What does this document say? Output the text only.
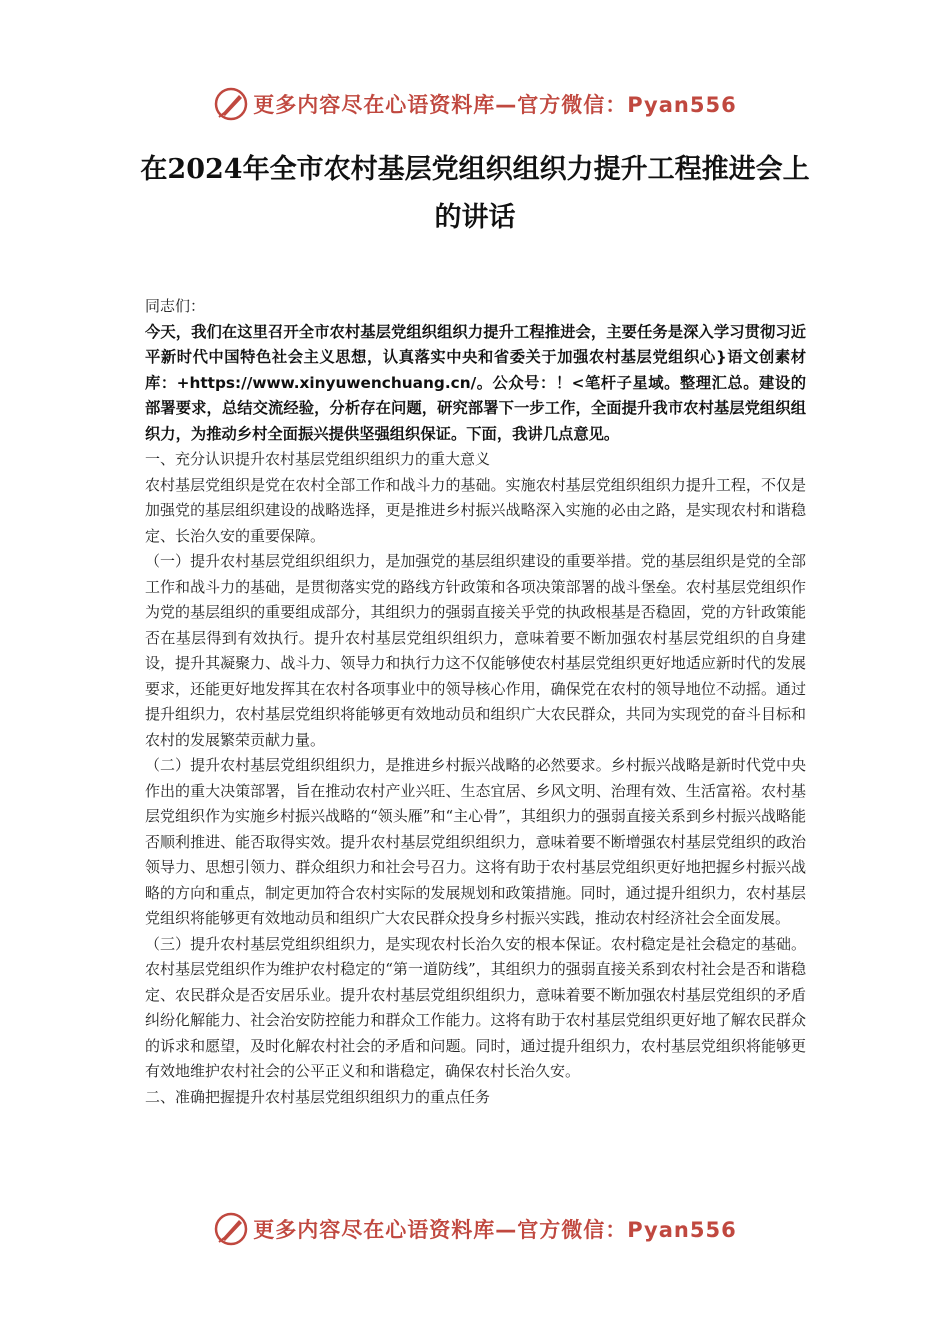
更多内容尽在心语资料库—官方微信：Pyan556
在2024年全市农村基层党组织组织力提升工程推进会上的讲话

同志们：

今天，我们在这里召开全市农村基层党组织组织力提升工程推进会，主要任务是深入学习贯彻习近平新时代中国特色社会主义思想，认真落实中央和省委关于加强农村基层党组织心}语文创素材库：+https://www.xinyuwenchuang.cn/。公众号：！<笔杆子星域。整理汇总。建设的部署要求，总结交流经验，分析存在问题，研究部署下一步工作，全面提升我市农村基层党组织组织力，为推动乡村全面振兴提供坚强组织保证。下面，我讲几点意见。

一、充分认识提升农村基层党组织组织力的重大意义

农村基层党组织是党在农村全部工作和战斗力的基础。实施农村基层党组织组织力提升工程，不仅是加强党的基层组织建设的战略选择，更是推进乡村振兴战略深入实施的必由之路，是实现农村和谐稳定、长治久安的重要保障。

（一）提升农村基层党组织组织力，是加强党的基层组织建设的重要举措。党的基层组织是党的全部工作和战斗力的基础，是贯彻落实党的路线方针政策和各项决策部署的战斗堡垒。农村基层党组织作为党的基层组织的重要组成部分，其组织力的强弱直接关乎党的执政根基是否稳固，党的方针政策能否在基层得到有效执行。提升农村基层党组织组织力，意味着要不断加强农村基层党组织的自身建设，提升其凝聚力、战斗力、领导力和执行力这不仅能够使农村基层党组织更好地适应新时代的发展要求，还能更好地发挥其在农村各项事业中的领导核心作用，确保党在农村的领导地位不动摇。通过提升组织力，农村基层党组织将能够更有效地动员和组织广大农民群众，共同为实现党的奋斗目标和农村的发展繁荣贡献力量。

（二）提升农村基层党组织组织力，是推进乡村振兴战略的必然要求。乡村振兴战略是新时代党中央作出的重大决策部署，旨在推动农村产业兴旺、生态宜居、乡风文明、治理有效、生活富裕。农村基层党组织作为实施乡村振兴战略的“领头雁”和“主心骨”，其组织力的强弱直接关系到乡村振兴战略能否顺利推进、能否取得实效。提升农村基层党组织组织力，意味着要不断增强农村基层党组织的政治领导力、思想引领力、群众组织力和社会号召力。这将有助于农村基层党组织更好地把握乡村振兴战略的方向和重点，制定更加符合农村实际的发展规划和政策措施。同时，通过提升组织力，农村基层党组织将能够更有效地动员和组织广大农民群众投身乡村振兴实践，推动农村经济社会全面发展。

（三）提升农村基层党组织组织力，是实现农村长治久安的根本保证。农村稳定是社会稳定的基础。农村基层党组织作为维护农村稳定的“第一道防线”，其组织力的强弱直接关系到农村社会是否和谐稳定、农民群众是否安居乐业。提升农村基层党组织组织力，意味着要不断加强农村基层党组织的矛盾纠纷化解能力、社会治安防控能力和群众工作能力。这将有助于农村基层党组织更好地了解农民群众的诉求和愿望，及时化解农村社会的矛盾和问题。同时，通过提升组织力，农村基层党组织将能够更有效地维护农村社会的公平正义和和谐稳定，确保农村长治久安。

二、准确把握提升农村基层党组织组织力的重点任务

更多内容尽在心语资料库—官方微信：Pyan556
